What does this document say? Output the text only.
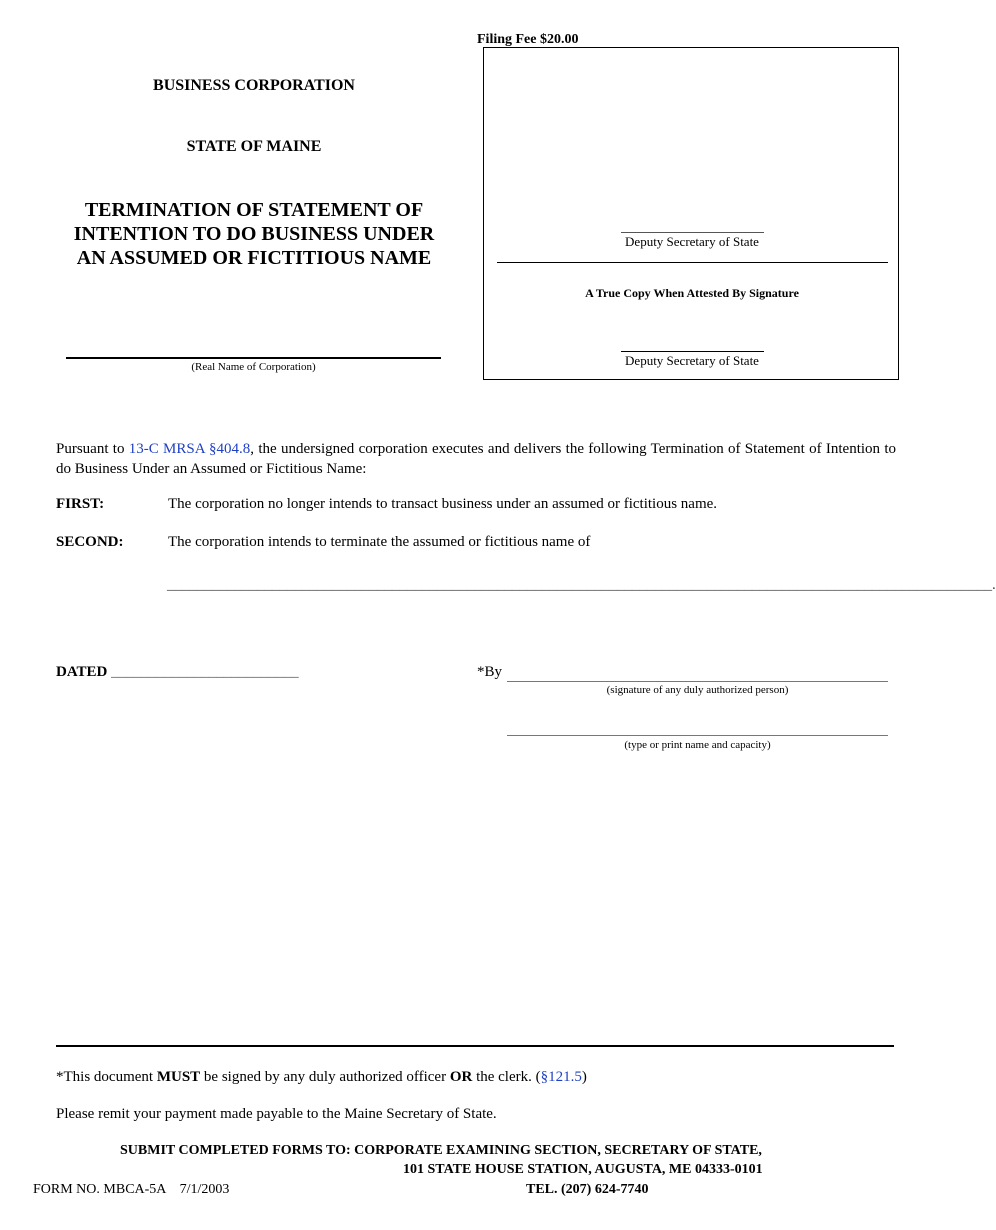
Filing Fee $20.00
Deputy Secretary of State
A True Copy When Attested By Signature
Deputy Secretary of State
BUSINESS CORPORATION
STATE OF MAINE
TERMINATION OF STATEMENT OF
INTENTION TO DO BUSINESS UNDER
AN ASSUMED OR FICTITIOUS NAME
(Real Name of Corporation)
Pursuant to 13-C MRSA §404.8, the undersigned corporation executes and delivers the following Termination of Statement of Intention to do Business Under an Assumed or Fictitious Name:
FIRST:	The corporation no longer intends to transact business under an assumed or fictitious name.
SECOND:	The corporation intends to terminate the assumed or fictitious name of
______________________________________________________________________________________________________________.
DATED _________________________	*By
(signature of any duly authorized person)
(type or print name and capacity)
*This document MUST be signed by any duly authorized officer OR the clerk. (§121.5)
Please remit your payment made payable to the Maine Secretary of State.
SUBMIT COMPLETED FORMS TO: CORPORATE EXAMINING SECTION, SECRETARY OF STATE,
101 STATE HOUSE STATION, AUGUSTA, ME 04333-0101
TEL. (207) 624-7740
FORM NO. MBCA-5A    7/1/2003
